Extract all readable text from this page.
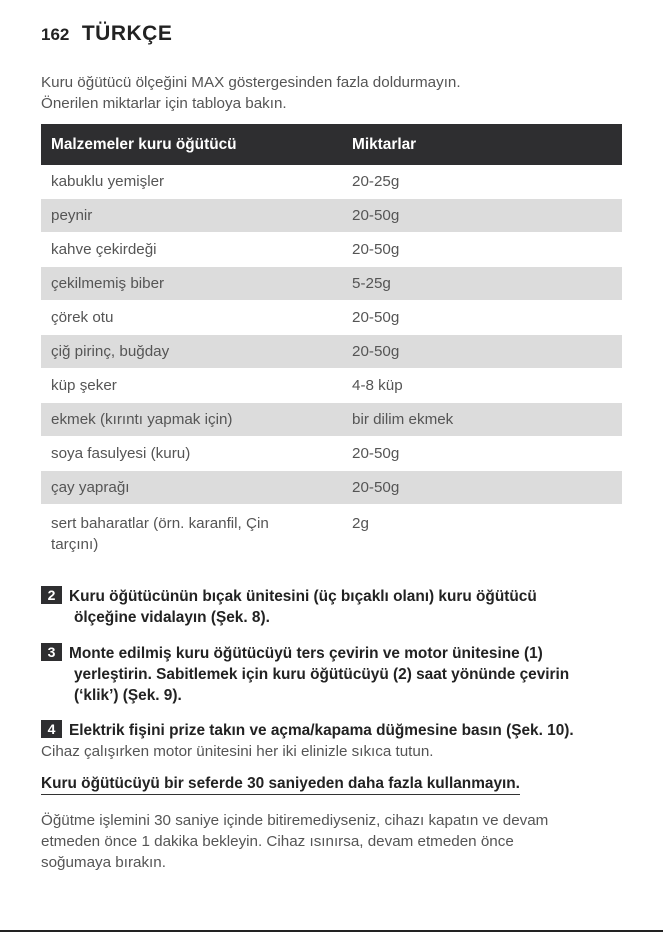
162 TÜRKÇE
Kuru öğütücü ölçeğini MAX göstergesinden fazla doldurmayın.
Önerilen miktarlar için tabloya bakın.
Malzemeler kuru öğütücü	Miktarlar
kabuklu yemişler	20-25g
peynir	20-50g
kahve çekirdeği	20-50g
çekilmemiş biber	5-25g
çörek otu	20-50g
çiğ pirinç, buğday	20-50g
küp şeker	4-8 küp
ekmek (kırıntı yapmak için)	bir dilim ekmek
soya fasulyesi (kuru)	20-50g
çay yaprağı	20-50g

sert baharatlar (örn. karanfil, Çin
tarçını)	2g
2 Kuru öğütücünün bıçak ünitesini (üç bıçaklı olanı) kuru öğütücü
ölçeğine vidalayın (Şek. 8).
3 Monte edilmiş kuru öğütücüyü ters çevirin ve motor ünitesine (1)
yerleştirin. Sabitlemek için kuru öğütücüyü (2) saat yönünde çevirin
(‘klik’) (Şek. 9).
4 Elektrik fişini prize takın ve açma/kapama düğmesine basın (Şek. 10).
Cihaz çalışırken motor ünitesini her iki elinizle sıkıca tutun.
Kuru öğütücüyü bir seferde 30 saniyeden daha fazla kullanmayın.
Öğütme işlemini 30 saniye içinde bitiremediyseniz, cihazı kapatın ve devam
etmeden önce 1 dakika bekleyin. Cihaz ısınırsa, devam etmeden önce
soğumaya bırakın.
